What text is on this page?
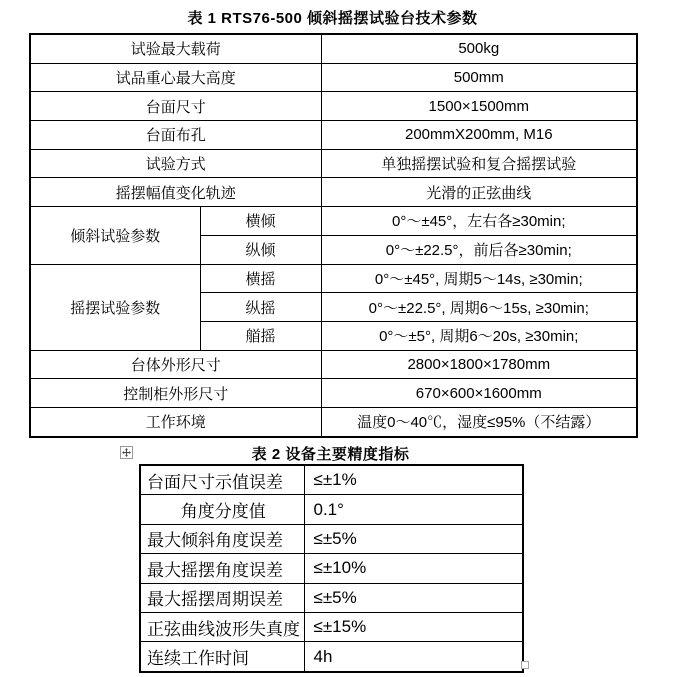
表 1 RTS76-500 倾斜摇摆试验台技术参数
试验最大载荷		500kg
试品重心最大高度		500mm
台面尺寸		1500×1500mm
台面布孔		200mmX200mm, M16
试验方式		单独摇摆试验和复合摇摆试验
摇摆幅值变化轨迹		光滑的正弦曲线
倾斜试验参数	横倾	0°～±45°，左右各≥30min;
	纵倾	0°～±22.5°，前后各≥30min;
摇摆试验参数	横摇	0°～±45°, 周期5～14s, ≥30min;
	纵摇	0°～±22.5°, 周期6～15s, ≥30min;
	艏摇	0°～±5°, 周期6～20s, ≥30min;
台体外形尺寸		2800×1800×1780mm
控制柜外形尺寸		670×600×1600mm
工作环境		温度0～40℃，湿度≤95%（不结露）
表 2 设备主要精度指标
台面尺寸示值误差	≤±1%
角度分度值	0.1°
最大倾斜角度误差	≤±5%
最大摇摆角度误差	≤±10%
最大摇摆周期误差	≤±5%
正弦曲线波形失真度	≤±15%
连续工作时间	4h
